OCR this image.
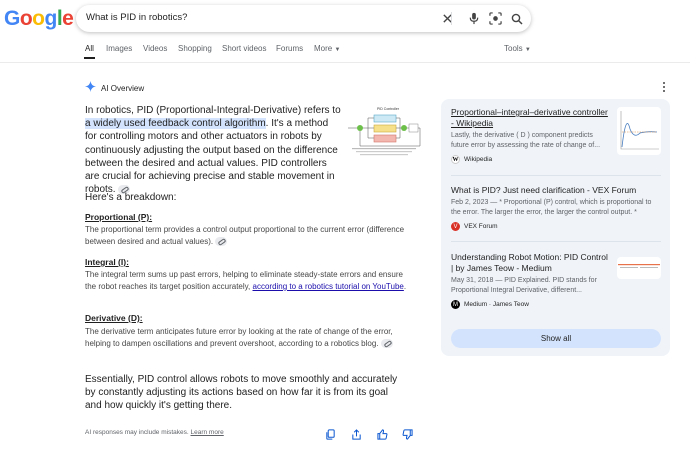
Google What is PID in robotics?
All Images Videos Shopping Short videos Forums More ▼	Tools ▼
AI Overview
In robotics, PID (Proportional-Integral-Derivative) refers to a widely used feedback control algorithm. It's a method for controlling motors and other actuators in robots by continuously adjusting the output based on the difference between the desired and actual values. PID controllers are crucial for achieving precise and stable movement in robots.
PID Controller
Here's a breakdown:
Proportional (P):
The proportional term provides a control output proportional to the current error (difference between desired and actual values).
Integral (I):
The integral term sums up past errors, helping to eliminate steady-state errors and ensure the robot reaches its target position accurately, according to a robotics tutorial on YouTube.
Derivative (D):
The derivative term anticipates future error by looking at the rate of change of the error, helping to dampen oscillations and prevent overshoot, according to a robotics blog.
Essentially, PID control allows robots to move smoothly and accurately by constantly adjusting its actions based on how far it is from its goal and how quickly it's getting there.
AI responses may include mistakes. Learn more
Proportional–integral–derivative controller - Wikipedia
Lastly, the derivative ( D ) component predicts future error by assessing the rate of change of...
W Wikipedia
What is PID? Just need clarification - VEX Forum
Feb 2, 2023 — * Proportional (P) control, which is proportional to the error. The larger the error, the larger the control output. *
V	VEX Forum
Understanding Robot Motion: PID Control | by James Teow - Medium
May 31, 2018 — PID Explained. PID stands for Proportional Integral Derivative, different...
M Medium · James Teow
Show all
